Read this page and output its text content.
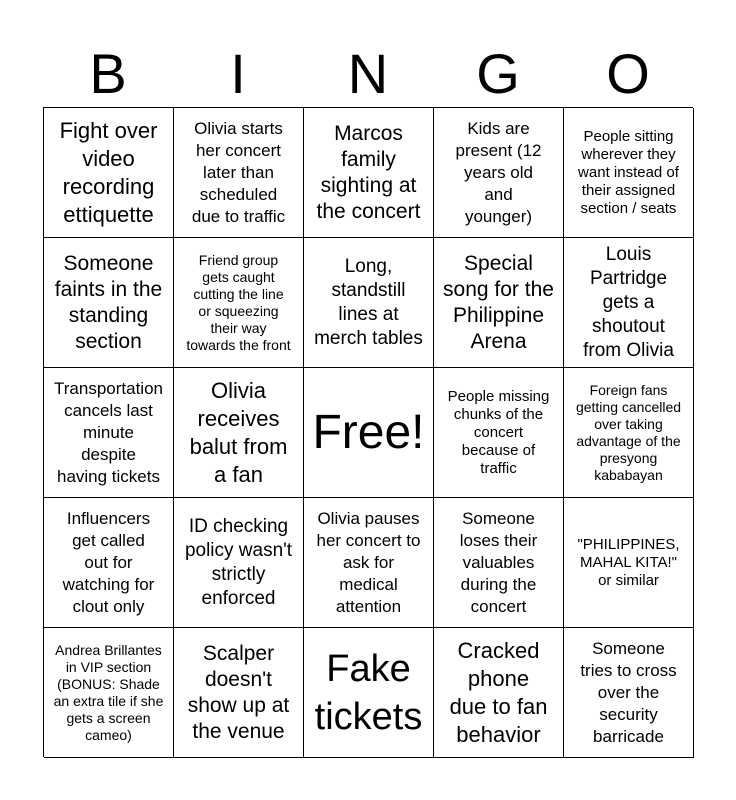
B	I	N	G	O
Fight over
video
recording
ettiquette
Olivia starts
her concert
later than
scheduled
due to traffic
Marcos
family
sighting at
the concert
Kids are
present (12
years old
and
younger)
People sitting
wherever they
want instead of
their assigned
section / seats
Someone
faints in the
standing
section
Friend group
gets caught
cutting the line
or squeezing
their way
towards the front
Long,
standstill
lines at
merch tables
Special
song for the
Philippine
Arena
Louis
Partridge
gets a
shoutout
from Olivia
Transportation
cancels last
minute
despite
having tickets
Olivia
receives
balut from
a fan
Free!
People missing
chunks of the
concert
because of
traffic
Foreign fans
getting cancelled
over taking
advantage of the
presyong
kababayan
Influencers
get called
out for
watching for
clout only
ID checking
policy wasn't
strictly
enforced
Olivia pauses
her concert to
ask for
medical
attention
Someone
loses their
valuables
during the
concert
"PHILIPPINES,
MAHAL KITA!"
or similar
Andrea Brillantes
in VIP section
(BONUS: Shade
an extra tile if she
gets a screen
cameo)
Scalper
doesn't
show up at
the venue
Fake
tickets
Cracked
phone
due to fan
behavior
Someone
tries to cross
over the
security
barricade
